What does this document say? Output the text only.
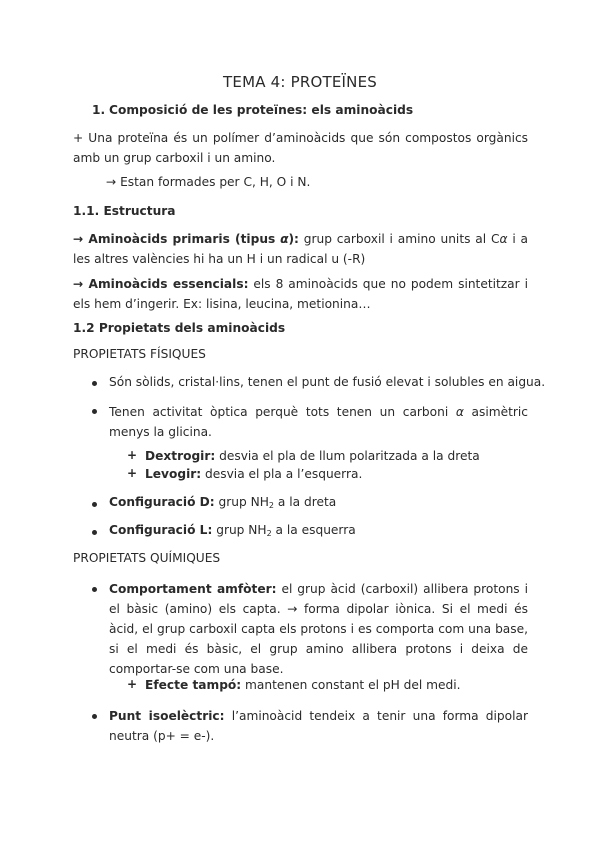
TEMA 4: PROTEÏNES
1. Composició de les proteïnes: els aminoàcids
+ Una proteïna és un polímer d’aminoàcids que són compostos orgànics amb un grup carboxil i un amino.
→ Estan formades per C, H, O i N.
1.1. Estructura
→ Aminoàcids primaris (tipus α): grup carboxil i amino units al Cα i a les altres valències hi ha un H i un radical u (-R)
→ Aminoàcids essencials: els 8 aminoàcids que no podem sintetitzar i els hem d’ingerir. Ex: lisina, leucina, metionina…
1.2 Propietats dels aminoàcids
PROPIETATS FÍSIQUES
Són sòlids, cristal·lins, tenen el punt de fusió elevat i solubles en aigua.
Tenen activitat òptica perquè tots tenen un carboni α asimètric menys la glicina.
+ Dextrogir: desvia el pla de llum polaritzada a la dreta
+ Levogir: desvia el pla a l’esquerra.
Configuració D: grup $NH_2$ a la dreta
Configuració L: grup $NH_2$ a la esquerra
PROPIETATS QUÍMIQUES
Comportament amfòter: el grup àcid (carboxil) allibera protons i el bàsic (amino) els capta. → forma dipolar iònica. Si el medi és àcid, el grup carboxil capta els protons i es comporta com una base, si el medi és bàsic, el grup amino allibera protons i deixa de comportar-se com una base.
+ Efecte tampó: mantenen constant el pH del medi.
Punt isoelèctric: l’aminoàcid tendeix a tenir una forma dipolar neutra (p+ = e-).
